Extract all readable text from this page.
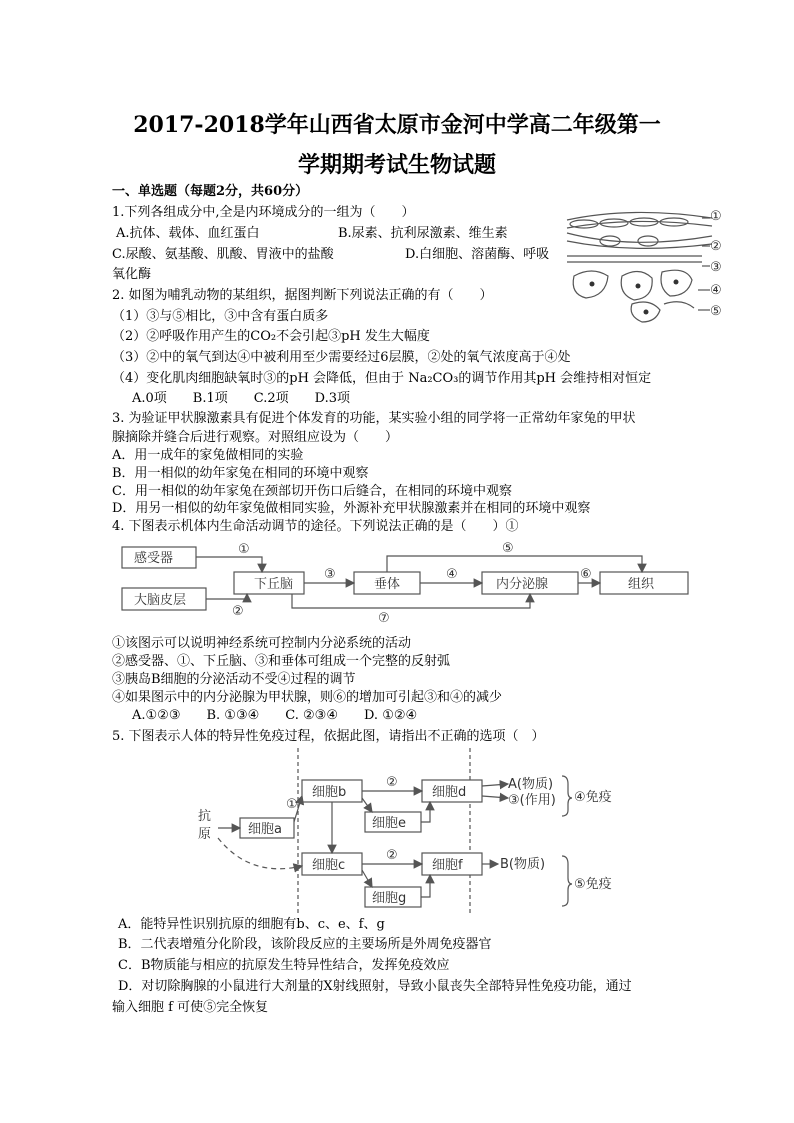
2017-2018学年山西省太原市金河中学高二年级第一
学期期考试生物试题
一、单选题（每题2分，共60分）
1.下列各组成分中,全是内环境成分的一组为（　　）
A.抗体、载体、血红蛋白	B.尿素、抗利尿激素、维生素
C.尿酸、氨基酸、肌酸、胃液中的盐酸	D.白细胞、溶菌酶、呼吸
氧化酶
①
②
③
④
⑤
2. 如图为哺乳动物的某组织，据图判断下列说法正确的有（　　）
（1）③与⑤相比，③中含有蛋白质多
（2）②呼吸作用产生的CO₂不会引起③pH 发生大幅度
（3）②中的氧气到达④中被利用至少需要经过6层膜，②处的氧气浓度高于④处
（4）变化肌肉细胞缺氧时③的pH 会降低，但由于 Na₂CO₃的调节作用其pH 会维持相对恒定
A.0项　　B.1项　　C.2项　　D.3项
3. 为验证甲状腺激素具有促进个体发育的功能，某实验小组的同学将一正常幼年家兔的甲状
腺摘除并缝合后进行观察。对照组应设为（　　）
A．用一成年的家兔做相同的实验
B．用一相似的幼年家兔在相同的环境中观察
C．用一相似的幼年家兔在颈部切开伤口后缝合，在相同的环境中观察
D．用另一相似的幼年家兔做相同实验，外源补充甲状腺激素并在相同的环境中观察
4. 下图表示机体内生命活动调节的途径。下列说法正确的是（　　）①
感受器
大脑皮层
下丘脑	垂体	内分泌腺	组织
①
②
③	④
⑤
⑥
⑦
①该图示可以说明神经系统可控制内分泌系统的活动
②感受器、①、下丘脑、③和垂体可组成一个完整的反射弧
③胰岛B细胞的分泌活动不受④过程的调节
④如果图示中的内分泌腺为甲状腺，则⑥的增加可引起③和④的减少
A.①②③　　B. ①③④　　C. ②③④　　D. ①②④
5. 下图表示人体的特异性免疫过程，依据此图，请指出不正确的选项（　）
抗
原	细胞a
细胞b
细胞c
细胞d
细胞e
细胞f
细胞g
①
②
②
A(物质)
③(作用) ④免疫
B(物质)
⑤免疫
A．能特异性识别抗原的细胞有b、c、e、f、g
B．二代表增殖分化阶段，该阶段反应的主要场所是外周免疫器官
C．B物质能与相应的抗原发生特异性结合，发挥免疫效应
D．对切除胸腺的小鼠进行大剂量的X射线照射，导致小鼠丧失全部特异性免疫功能，通过
输入细胞 f 可使⑤完全恢复
